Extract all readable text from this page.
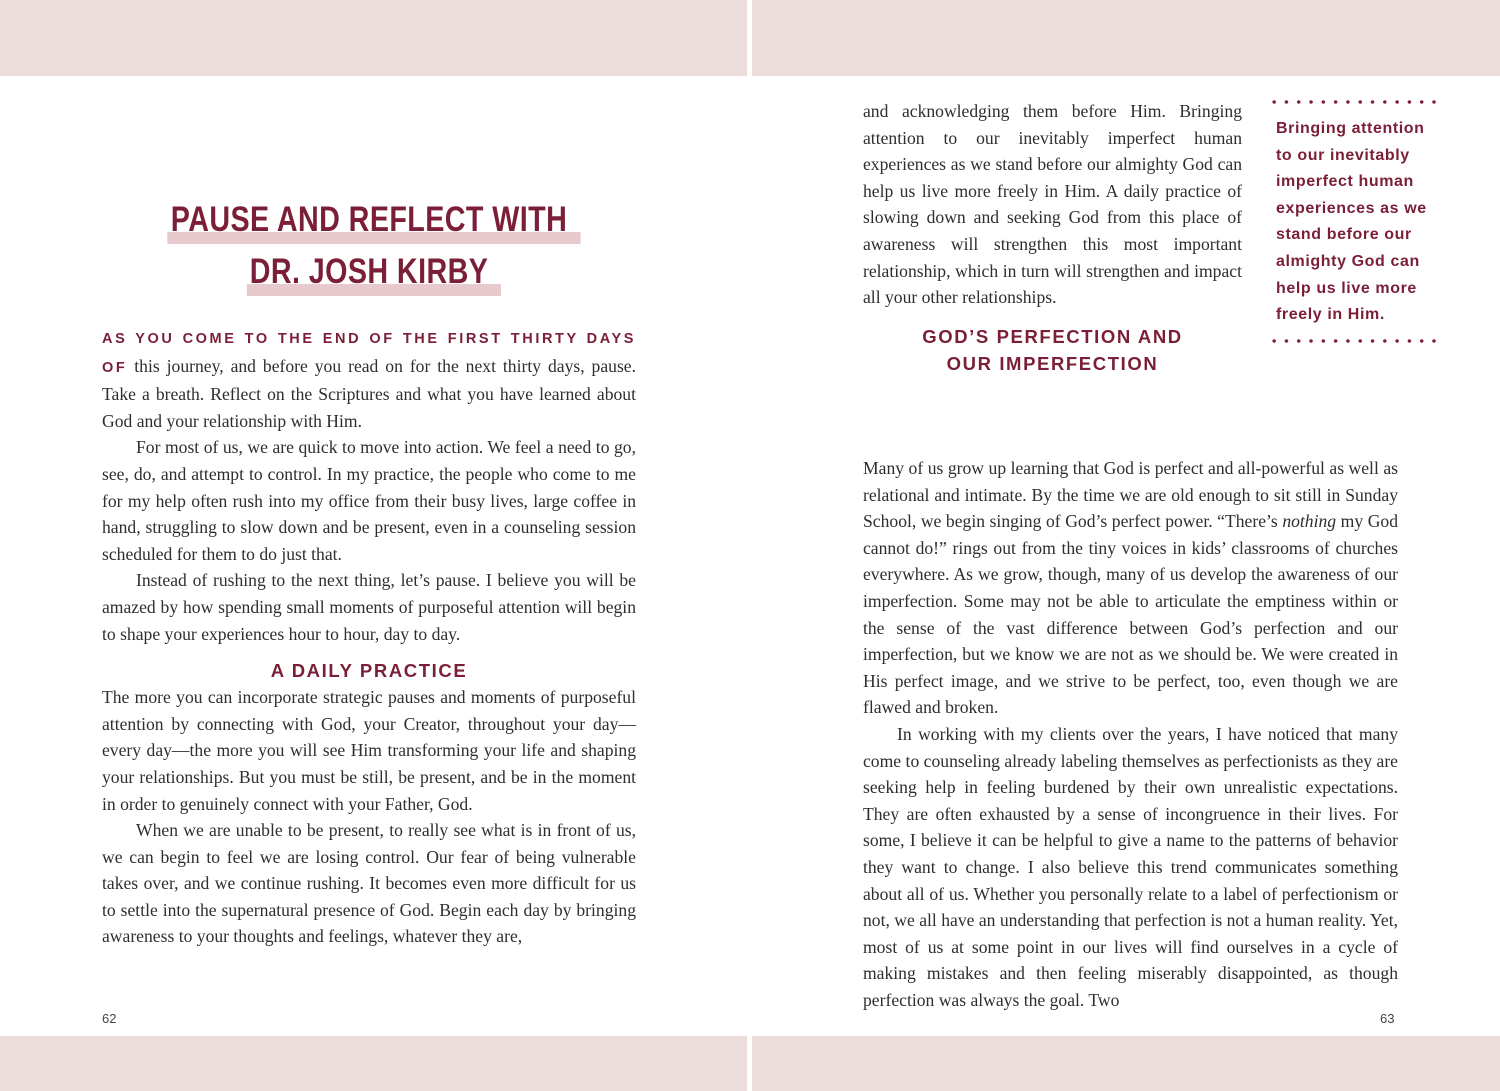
PAUSE AND REFLECT WITH
DR. JOSH KIRBY

AS YOU COME TO THE END OF THE FIRST THIRTY DAYS OF this journey, and before you read on for the next thirty days, pause. Take a breath. Reflect on the Scriptures and what you have learned about God and your relationship with Him.

For most of us, we are quick to move into action. We feel a need to go, see, do, and attempt to control. In my practice, the people who come to me for my help often rush into my office from their busy lives, large coffee in hand, struggling to slow down and be present, even in a counseling session scheduled for them to do just that.

Instead of rushing to the next thing, let’s pause. I believe you will be amazed by how spending small moments of purposeful attention will begin to shape your experiences hour to hour, day to day.

A DAILY PRACTICE

The more you can incorporate strategic pauses and moments of purposeful attention by connecting with God, your Creator, throughout your day—every day—the more you will see Him transforming your life and shaping your relationships. But you must be still, be present, and be in the moment in order to genuinely connect with your Father, God.

When we are unable to be present, to really see what is in front of us, we can begin to feel we are losing control. Our fear of being vulnerable takes over, and we continue rushing. It becomes even more difficult for us to settle into the supernatural presence of God. Begin each day by bringing awareness to your thoughts and feelings, whatever they are,

62

and acknowledging them before Him. Bringing attention to our inevitably imperfect human experiences as we stand before our almighty God can help us live more freely in Him. A daily practice of slowing down and seeking God from this place of awareness will strengthen this most important relationship, which in turn will strengthen and impact all your other relationships.

GOD’S PERFECTION AND
OUR IMPERFECTION

Many of us grow up learning that God is perfect and all-powerful as well as relational and intimate. By the time we are old enough to sit still in Sunday School, we begin singing of God’s perfect power. “There’s nothing my God cannot do!” rings out from the tiny voices in kids’ classrooms of churches everywhere. As we grow, though, many of us develop the awareness of our imperfection. Some may not be able to articulate the emptiness within or the sense of the vast difference between God’s perfection and our imperfection, but we know we are not as we should be. We were created in His perfect image, and we strive to be perfect, too, even though we are flawed and broken.

In working with my clients over the years, I have noticed that many come to counseling already labeling themselves as perfectionists as they are seeking help in feeling burdened by their own unrealistic expectations. They are often exhausted by a sense of incongruence in their lives. For some, I believe it can be helpful to give a name to the patterns of behavior they want to change. I also believe this trend communicates something about all of us. Whether you personally relate to a label of perfectionism or not, we all have an understanding that perfection is not a human reality. Yet, most of us at some point in our lives will find ourselves in a cycle of making mistakes and then feeling miserably disappointed, as though perfection was always the goal. Two

Bringing attention to our inevitably imperfect human experiences as we stand before our almighty God can help us live more freely in Him.
63
